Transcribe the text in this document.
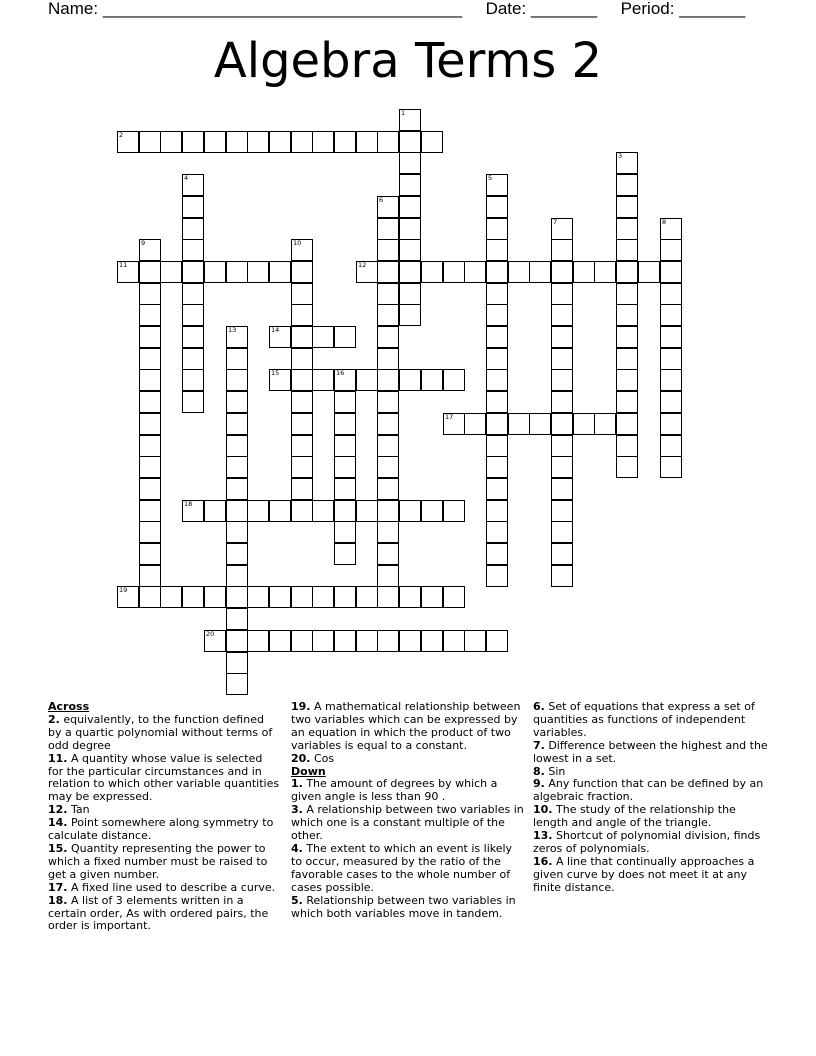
Name: ______________________________________ Date: _______ Period: _______
Algebra Terms 2
1
2
3
4	5
6
7	8
9	10
11	12
13	14
15	16
17
18
19
20
Across
2. equivalently, to the function defined by a quartic polynomial without terms of odd degree
11. A quantity whose value is selected for the particular circumstances and in relation to which other variable quantities may be expressed.
12. Tan
14. Point somewhere along symmetry to calculate distance.
15. Quantity representing the power to which a fixed number must be raised to get a given number.
17. A fixed line used to describe a curve.
18. A list of 3 elements written in a certain order, As with ordered pairs, the order is important.
19. A mathematical relationship between two variables which can be expressed by an equation in which the product of two variables is equal to a constant.
20. Cos
Down
1. The amount of degrees by which a given angle is less than 90 .
3. A relationship between two variables in which one is a constant multiple of the other.
4. The extent to which an event is likely to occur, measured by the ratio of the favorable cases to the whole number of cases possible.
5. Relationship between two variables in which both variables move in tandem.
6. Set of equations that express a set of quantities as functions of independent variables.
7. Difference between the highest and the lowest in a set.
8. Sin
9. Any function that can be defined by an algebraic fraction.
10. The study of the relationship the length and angle of the triangle.
13. Shortcut of polynomial division, finds zeros of polynomials.
16. A line that continually approaches a given curve by does not meet it at any finite distance.
